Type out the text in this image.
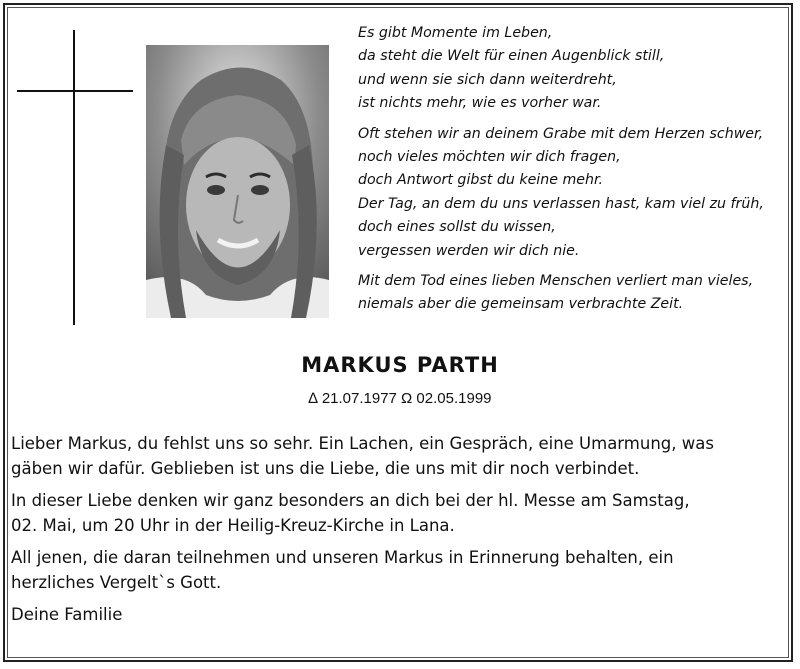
Es gibt Momente im Leben,
da steht die Welt für einen Augenblick still,
und wenn sie sich dann weiterdreht,
ist nichts mehr, wie es vorher war.
Oft stehen wir an deinem Grabe mit dem Herzen schwer,
noch vieles möchten wir dich fragen,
doch Antwort gibst du keine mehr.
Der Tag, an dem du uns verlassen hast, kam viel zu früh,
doch eines sollst du wissen,
vergessen werden wir dich nie.
Mit dem Tod eines lieben Menschen verliert man vieles,
niemals aber die gemeinsam verbrachte Zeit.
MARKUS PARTH
∆ 21.07.1977 Ω 02.05.1999
Lieber Markus, du fehlst uns so sehr. Ein Lachen, ein Gespräch, eine Umarmung, was
gäben wir dafür. Geblieben ist uns die Liebe, die uns mit dir noch verbindet.
In dieser Liebe denken wir ganz besonders an dich bei der hl. Messe am Samstag,
02. Mai, um 20 Uhr in der Heilig-Kreuz-Kirche in Lana.
All jenen, die daran teilnehmen und unseren Markus in Erinnerung behalten, ein
herzliches Vergelt`s Gott.
Deine Familie
